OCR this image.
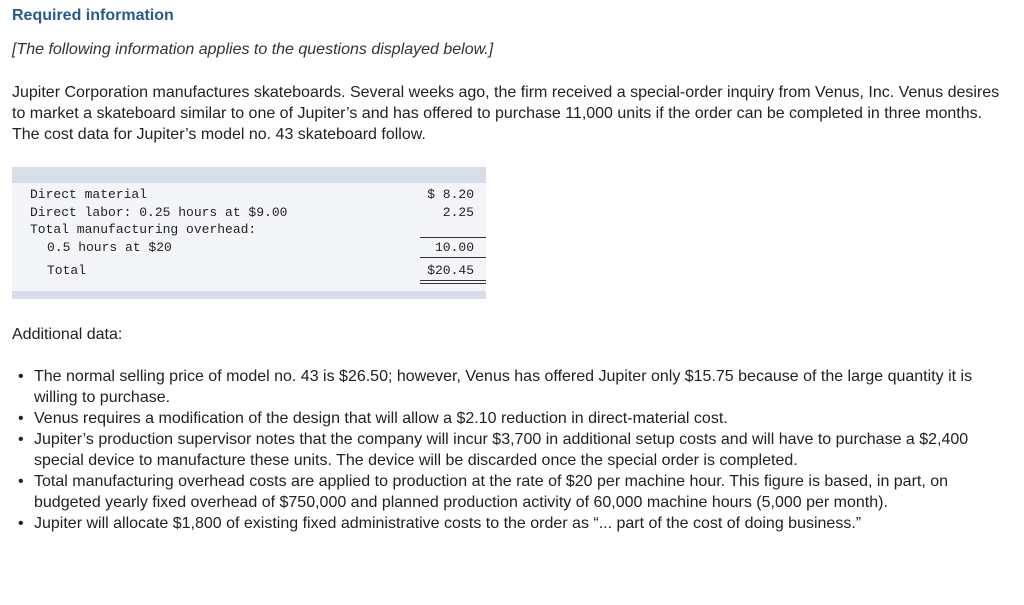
Required information
[The following information applies to the questions displayed below.]
Jupiter Corporation manufactures skateboards. Several weeks ago, the firm received a special-order inquiry from Venus, Inc. Venus desires to market a skateboard similar to one of Jupiter’s and has offered to purchase 11,000 units if the order can be completed in three months. The cost data for Jupiter’s model no. 43 skateboard follow.
Direct material	$ 8.20
Direct labor: 0.25 hours at $9.00	2.25
Total manufacturing overhead:
0.5 hours at $20	10.00
Total	$20.45
Additional data:
• The normal selling price of model no. 43 is $26.50; however, Venus has offered Jupiter only $15.75 because of the large quantity it is willing to purchase.
• Venus requires a modification of the design that will allow a $2.10 reduction in direct-material cost.
• Jupiter’s production supervisor notes that the company will incur $3,700 in additional setup costs and will have to purchase a $2,400 special device to manufacture these units. The device will be discarded once the special order is completed.
• Total manufacturing overhead costs are applied to production at the rate of $20 per machine hour. This figure is based, in part, on budgeted yearly fixed overhead of $750,000 and planned production activity of 60,000 machine hours (5,000 per month).
• Jupiter will allocate $1,800 of existing fixed administrative costs to the order as “... part of the cost of doing business.”
